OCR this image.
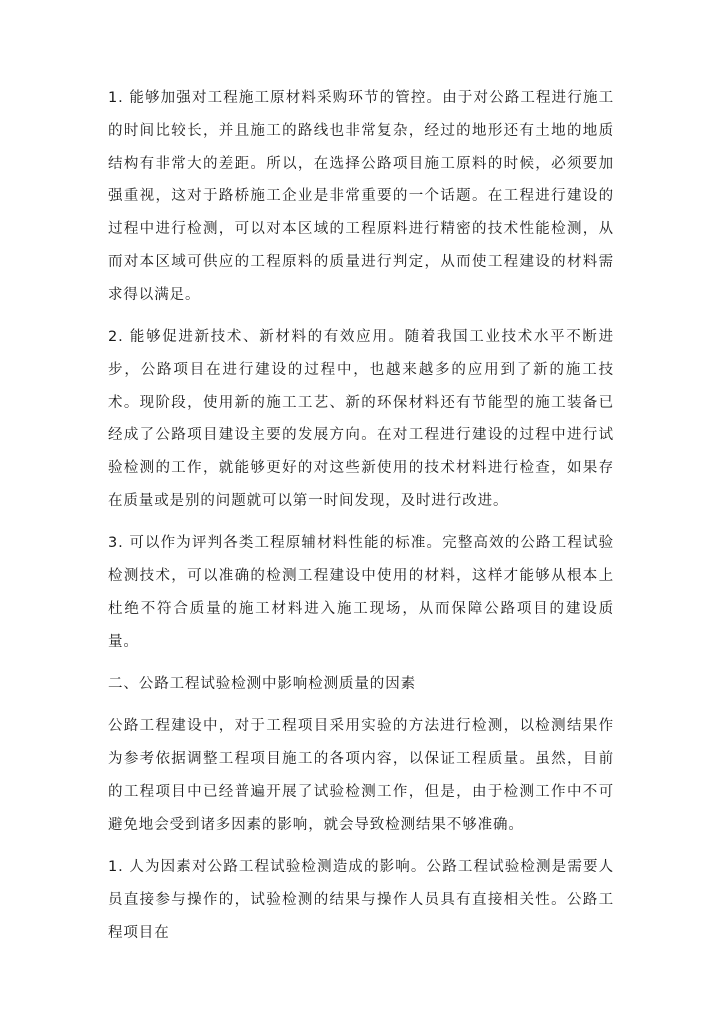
1. 能够加强对工程施工原材料采购环节的管控。由于对公路工程进行施工的时间比较长，并且施工的路线也非常复杂，经过的地形还有土地的地质结构有非常大的差距。所以，在选择公路项目施工原料的时候，必须要加强重视，这对于路桥施工企业是非常重要的一个话题。在工程进行建设的过程中进行检测，可以对本区域的工程原料进行精密的技术性能检测，从而对本区域可供应的工程原料的质量进行判定，从而使工程建设的材料需求得以满足。

2. 能够促进新技术、新材料的有效应用。随着我国工业技术水平不断进步，公路项目在进行建设的过程中，也越来越多的应用到了新的施工技术。现阶段，使用新的施工工艺、新的环保材料还有节能型的施工装备已经成了公路项目建设主要的发展方向。在对工程进行建设的过程中进行试验检测的工作，就能够更好的对这些新使用的技术材料进行检查，如果存在质量或是别的问题就可以第一时间发现，及时进行改进。

3. 可以作为评判各类工程原辅材料性能的标准。完整高效的公路工程试验检测技术，可以准确的检测工程建设中使用的材料，这样才能够从根本上杜绝不符合质量的施工材料进入施工现场，从而保障公路项目的建设质量。

二、公路工程试验检测中影响检测质量的因素

公路工程建设中，对于工程项目采用实验的方法进行检测，以检测结果作为参考依据调整工程项目施工的各项内容，以保证工程质量。虽然，目前的工程项目中已经普遍开展了试验检测工作，但是，由于检测工作中不可避免地会受到诸多因素的影响，就会导致检测结果不够准确。

1. 人为因素对公路工程试验检测造成的影响。公路工程试验检测是需要人员直接参与操作的，试验检测的结果与操作人员具有直接相关性。公路工程项目在
